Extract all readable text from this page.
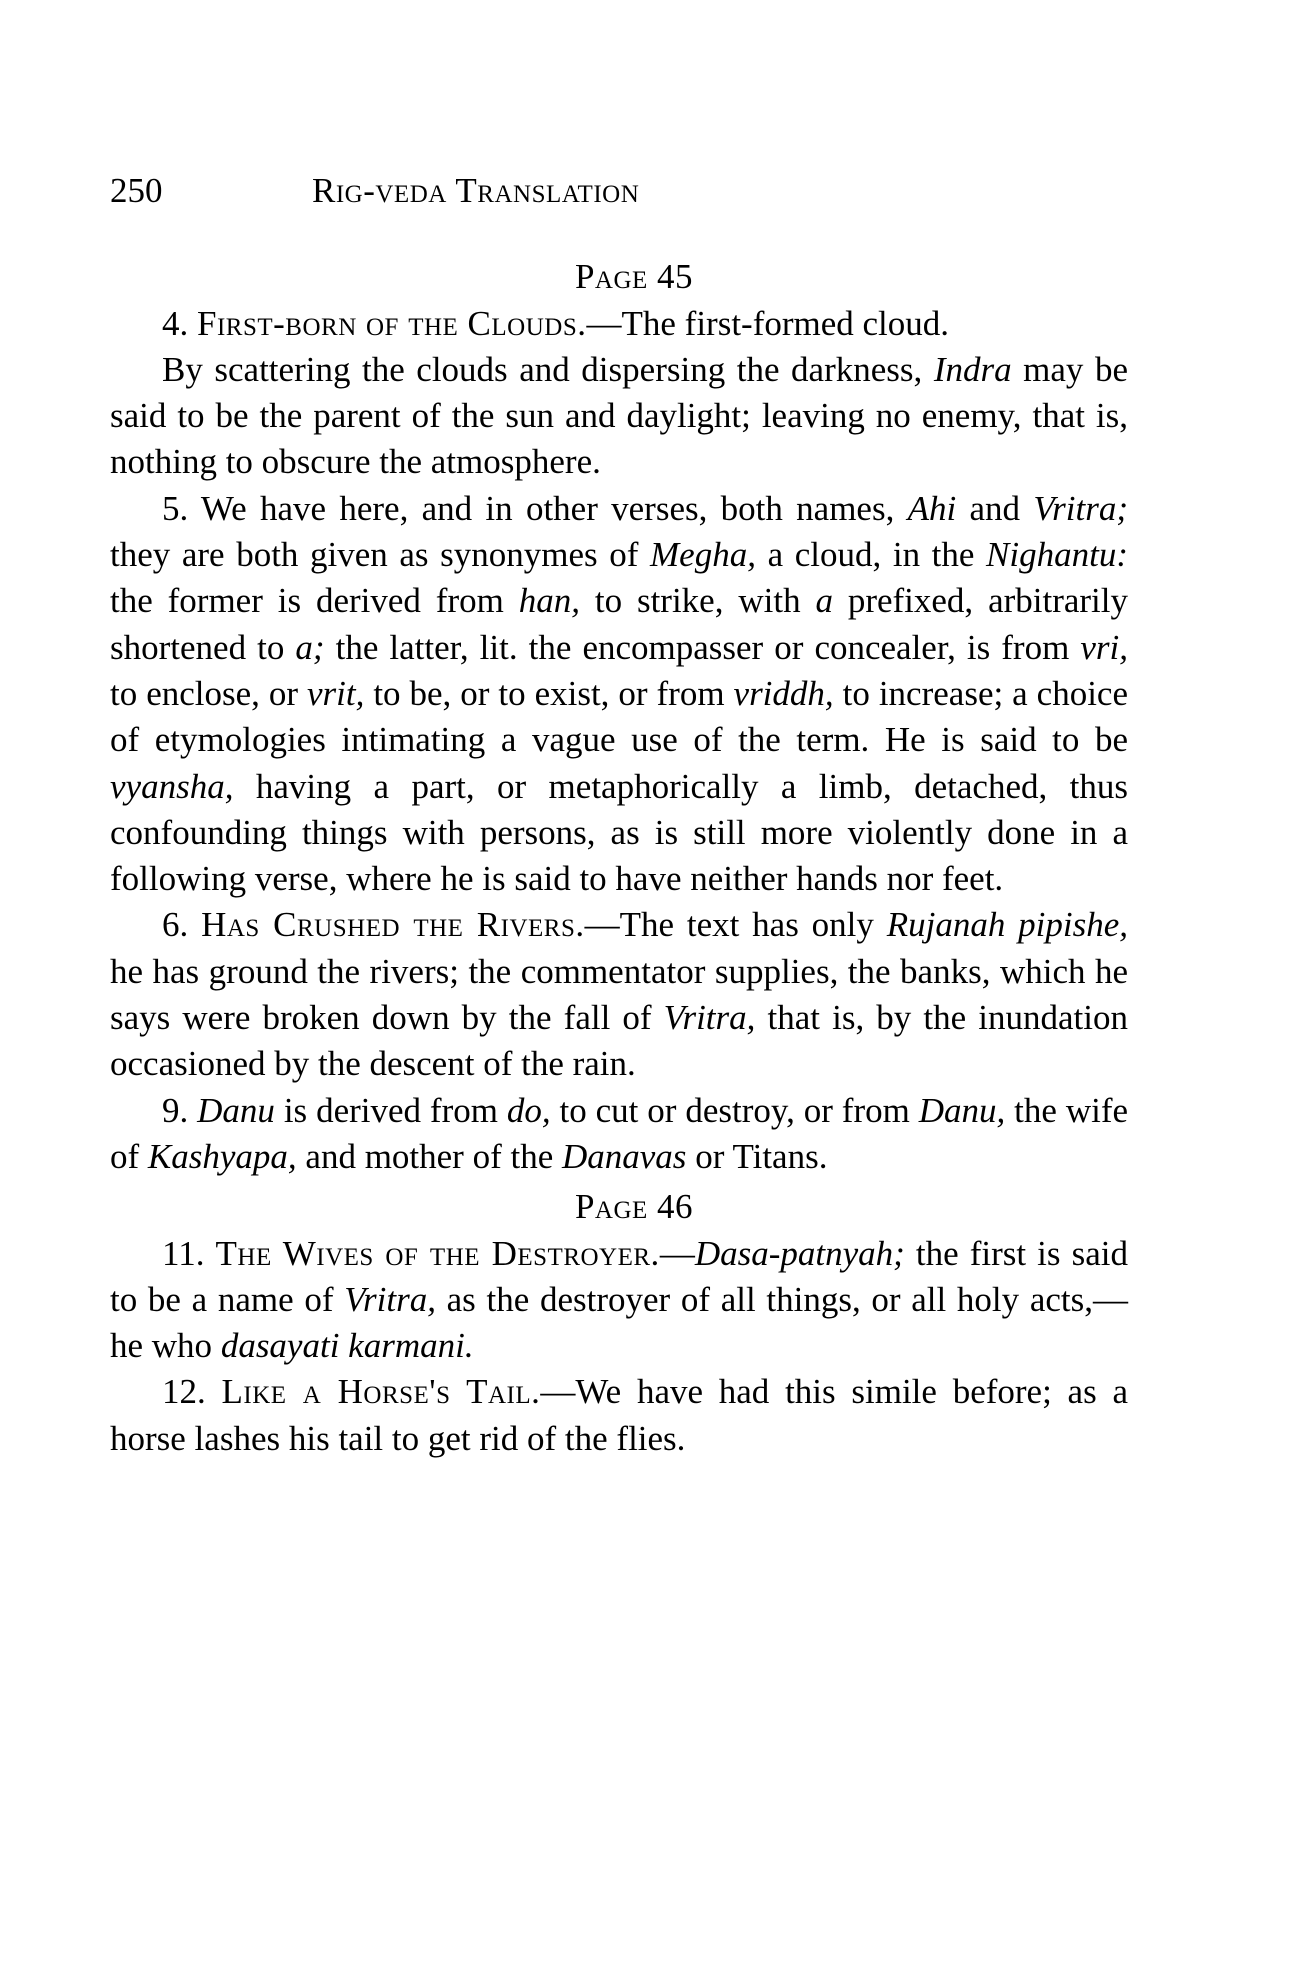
250	Rig-veda Translation
Page 45

4. First-born of the Clouds.—The first-formed cloud.

By scattering the clouds and dispersing the darkness, Indra may be said to be the parent of the sun and daylight; leaving no enemy, that is, nothing to obscure the atmosphere.

5. We have here, and in other verses, both names, Ahi and Vritra; they are both given as synonymes of Megha, a cloud, in the Nighantu: the former is derived from han, to strike, with a prefixed, arbitrarily shortened to a; the latter, lit. the encompasser or concealer, is from vri, to enclose, or vrit, to be, or to exist, or from vriddh, to increase; a choice of etymologies intimating a vague use of the term. He is said to be vyansha, having a part, or metaphorically a limb, detached, thus confounding things with persons, as is still more violently done in a following verse, where he is said to have neither hands nor feet.

6. Has Crushed the Rivers.—The text has only Rujanah pipishe, he has ground the rivers; the commentator supplies, the banks, which he says were broken down by the fall of Vritra, that is, by the inundation occasioned by the descent of the rain.

9. Danu is derived from do, to cut or destroy, or from Danu, the wife of Kashyapa, and mother of the Danavas or Titans.

Page 46

11. The Wives of the Destroyer.—Dasa-patnyah; the first is said to be a name of Vritra, as the destroyer of all things, or all holy acts,—he who dasayati karmani.

12. Like a Horse's Tail.—We have had this simile before; as a horse lashes his tail to get rid of the flies.
